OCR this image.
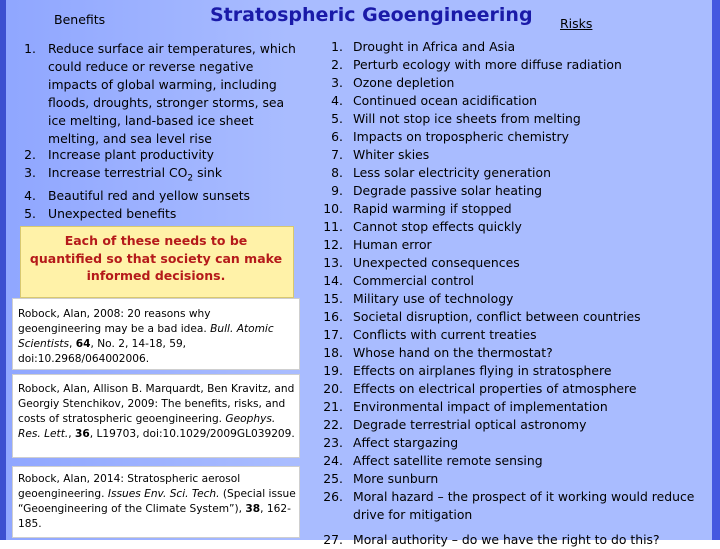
Benefits	Stratospheric Geoengineering Risks
1. Reduce surface air temperatures, which could reduce or reverse negative impacts of global warming, including floods, droughts, stronger storms, sea ice melting, land-based ice sheet melting, and sea level rise
2. Increase plant productivity
3. Increase terrestrial $CO_2$ sink
4. Beautiful red and yellow sunsets
5. Unexpected benefits
Each of these needs to be quantified so that society can make informed decisions.
Robock, Alan, 2008: 20 reasons why geoengineering may be a bad idea. Bull. Atomic Scientists, 64, No. 2, 14-18, 59, doi:10.2968/064002006.
Robock, Alan, Allison B. Marquardt, Ben Kravitz, and Georgiy Stenchikov, 2009: The benefits, risks, and costs of stratospheric geoengineering. Geophys. Res. Lett., 36, L19703, doi:10.1029/2009GL039209.
Robock, Alan, 2014: Stratospheric aerosol geoengineering. Issues Env. Sci. Tech. (Special issue “Geoengineering of the Climate System”), 38, 162-185.
1. Drought in Africa and Asia
2. Perturb ecology with more diffuse radiation
3. Ozone depletion
4. Continued ocean acidification
5. Will not stop ice sheets from melting
6. Impacts on tropospheric chemistry
7. Whiter skies
8. Less solar electricity generation
9. Degrade passive solar heating
10. Rapid warming if stopped
11. Cannot stop effects quickly
12. Human error
13. Unexpected consequences
14. Commercial control
15. Military use of technology
16. Societal disruption, conflict between countries
17. Conflicts with current treaties
18. Whose hand on the thermostat?
19. Effects on airplanes flying in stratosphere
20. Effects on electrical properties of atmosphere
21. Environmental impact of implementation
22. Degrade terrestrial optical astronomy
23. Affect stargazing
24. Affect satellite remote sensing
25. More sunburn
26. Moral hazard – the prospect of it working would reduce drive for mitigation
27. Moral authority – do we have the right to do this?
